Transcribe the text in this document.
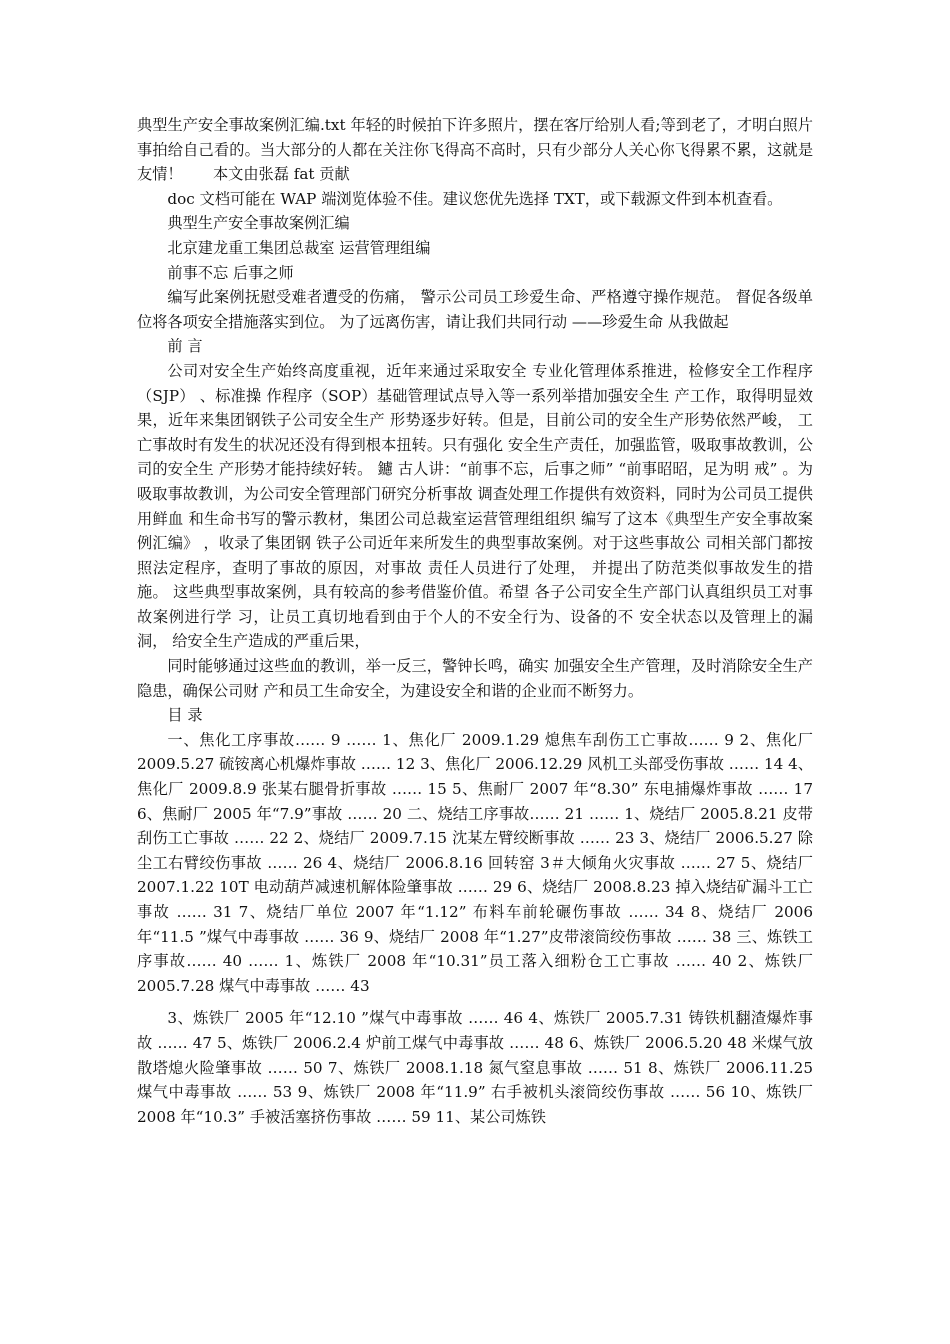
典型生产安全事故案例汇编.txt 年轻的时候拍下许多照片，摆在客厅给别人看;等到老了，才明白照片事拍给自己看的。当大部分的人都在关注你飞得高不高时，只有少部分人关心你飞得累不累，这就是友情！　　本文由张磊 fat 贡献

doc 文档可能在 WAP 端浏览体验不佳。建议您优先选择 TXT，或下载源文件到本机查看。

典型生产安全事故案例汇编

北京建龙重工集团总裁室 运营管理组编

前事不忘 后事之师

编写此案例抚慰受难者遭受的伤痛， 警示公司员工珍爱生命、严格遵守操作规范。 督促各级单位将各项安全措施落实到位。 为了远离伤害，请让我们共同行动 ——珍爱生命 从我做起

前 言

公司对安全生产始终高度重视，近年来通过采取安全 专业化管理体系推进，检修安全工作程序（SJP） 、标准操 作程序（SOP）基础管理试点导入等一系列举措加强安全生 产工作，取得明显效果，近年来集团钢铁子公司安全生产 形势逐步好转。但是，目前公司的安全生产形势依然严峻， 工亡事故时有发生的状况还没有得到根本扭转。只有强化 安全生产责任，加强监管，吸取事故教训，公司的安全生 产形势才能持续好转。 鑢 古人讲：“前事不忘，后事之师” “前事昭昭，足为明 戒” 。为吸取事故教训，为公司安全管理部门研究分析事故 调查处理工作提供有效资料，同时为公司员工提供用鲜血 和生命书写的警示教材，集团公司总裁室运营管理组组织 编写了这本《典型生产安全事故案例汇编》 ，收录了集团钢 铁子公司近年来所发生的典型事故案例。对于这些事故公 司相关部门都按照法定程序，查明了事故的原因，对事故 责任人员进行了处理， 并提出了防范类似事故发生的措施。 这些典型事故案例，具有较高的参考借鉴价值。希望 各子公司安全生产部门认真组织员工对事故案例进行学 习，让员工真切地看到由于个人的不安全行为、设备的不 安全状态以及管理上的漏洞， 给安全生产造成的严重后果，

同时能够通过这些血的教训，举一反三，警钟长鸣，确实 加强安全生产管理，及时消除安全生产隐患，确保公司财 产和员工生命安全，为建设安全和谐的企业而不断努力。

目 录

一、焦化工序事故…… 9 …… 1、焦化厂 2009.1.29 熄焦车刮伤工亡事故…… 9 2、焦化厂 2009.5.27 硫铵离心机爆炸事故 …… 12 3、焦化厂 2006.12.29 风机工头部受伤事故 …… 14 4、焦化厂 2009.8.9 张某右腿骨折事故 …… 15 5、焦耐厂 2007 年“8.30” 东电捕爆炸事故 …… 17 6、焦耐厂 2005 年“7.9”事故 …… 20 二、烧结工序事故…… 21 …… 1、烧结厂 2005.8.21 皮带刮伤工亡事故 …… 22 2、烧结厂 2009.7.15 沈某左臂绞断事故 …… 23 3、烧结厂 2006.5.27 除尘工右臂绞伤事故 …… 26 4、烧结厂 2006.8.16 回转窑 3＃大倾角火灾事故 …… 27 5、烧结厂 2007.1.22 10T 电动葫芦减速机解体险肇事故 …… 29 6、烧结厂 2008.8.23 掉入烧结矿漏斗工亡事故 …… 31 7、烧结厂单位 2007 年“1.12” 布料车前轮碾伤事故 …… 34 8、烧结厂 2006 年“11.5 ”煤气中毒事故 …… 36 9、烧结厂 2008 年“1.27”皮带滚筒绞伤事故 …… 38 三、炼铁工序事故…… 40 …… 1、炼铁厂 2008 年“10.31”员工落入细粉仓工亡事故 …… 40 2、炼铁厂 2005.7.28 煤气中毒事故 …… 43

3、炼铁厂 2005 年“12.10 ”煤气中毒事故 …… 46 4、炼铁厂 2005.7.31 铸铁机翻渣爆炸事故 …… 47 5、炼铁厂 2006.2.4 炉前工煤气中毒事故 …… 48 6、炼铁厂 2006.5.20 48 米煤气放散塔熄火险肇事故 …… 50 7、炼铁厂 2008.1.18 氮气窒息事故 …… 51 8、炼铁厂 2006.11.25 煤气中毒事故 …… 53 9、炼铁厂 2008 年“11.9” 右手被机头滚筒绞伤事故 …… 56 10、炼铁厂 2008 年“10.3” 手被活塞挤伤事故 …… 59 11、某公司炼铁
